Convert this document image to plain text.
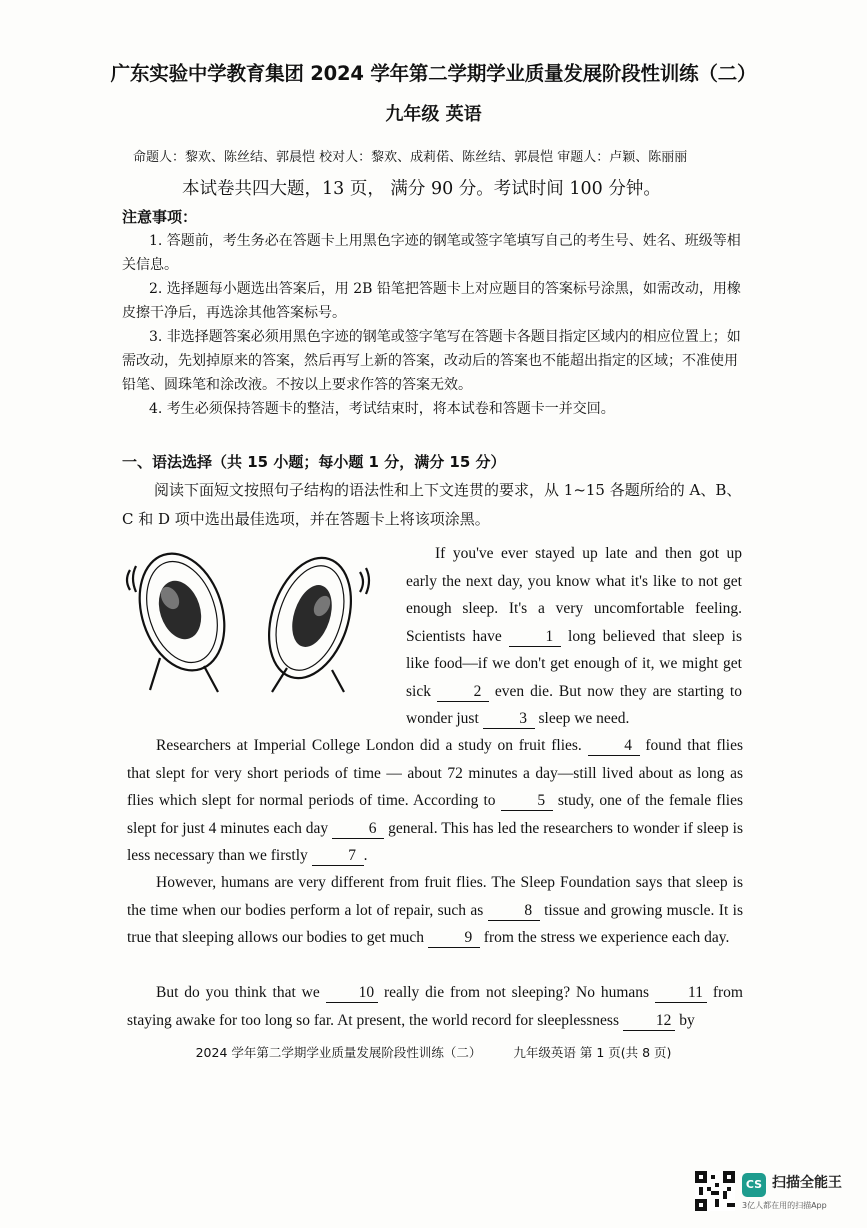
广东实验中学教育集团 2024 学年第二学期学业质量发展阶段性训练（二）
九年级 英语
命题人：黎欢、陈丝结、郭晨恺 校对人：黎欢、成莉偌、陈丝结、郭晨恺 审题人：卢颖、陈丽丽
本试卷共四大题，13 页， 满分 90 分。考试时间 100 分钟。
注意事项：

1. 答题前，考生务必在答题卡上用黑色字迹的钢笔或签字笔填写自己的考生号、姓名、班级等相关信息。

2. 选择题每小题选出答案后，用 2B 铅笔把答题卡上对应题目的答案标号涂黑，如需改动，用橡皮擦干净后，再选涂其他答案标号。

3. 非选择题答案必须用黑色字迹的钢笔或签字笔写在答题卡各题目指定区域内的相应位置上；如需改动，先划掉原来的答案，然后再写上新的答案，改动后的答案也不能超出指定的区域；不准使用铅笔、圆珠笔和涂改液。不按以上要求作答的答案无效。

4. 考生必须保持答题卡的整洁，考试结束时，将本试卷和答题卡一并交回。

一、语法选择（共 15 小题；每小题 1 分，满分 15 分）

阅读下面短文按照句子结构的语法性和上下文连贯的要求，从 1~15 各题所给的 A、B、C 和 D 项中选出最佳选项，并在答题卡上将该项涂黑。

If you've ever stayed up late and then got up early the next day, you know what it's like to not get enough sleep. It's a very uncomfortable feeling. Scientists have 1 long believed that sleep is like food—if we don't get enough of it, we might get sick 2 even die. But now they are starting to wonder just 3 sleep we need.

Researchers at Imperial College London did a study on fruit flies. 4 found that flies that slept for very short periods of time — about 72 minutes a day—still lived about as long as flies which slept for normal periods of time. According to 5 study, one of the female flies slept for just 4 minutes each day 6 general. This has led the researchers to wonder if sleep is less necessary than we firstly 7 .

However, humans are very different from fruit flies. The Sleep Foundation says that sleep is the time when our bodies perform a lot of repair, such as 8 tissue and growing muscle. It is true that sleeping allows our bodies to get much 9 from the stress we experience each day.

But do you think that we 10 really die from not sleeping? No humans 11 from staying awake for too long so far. At present, the world record for sleeplessness 12 by

2024 学年第二学期学业质量发展阶段性训练（二）	九年级英语 第 1 页(共 8 页)
CS 扫描全能王
3亿人都在用的扫描App
